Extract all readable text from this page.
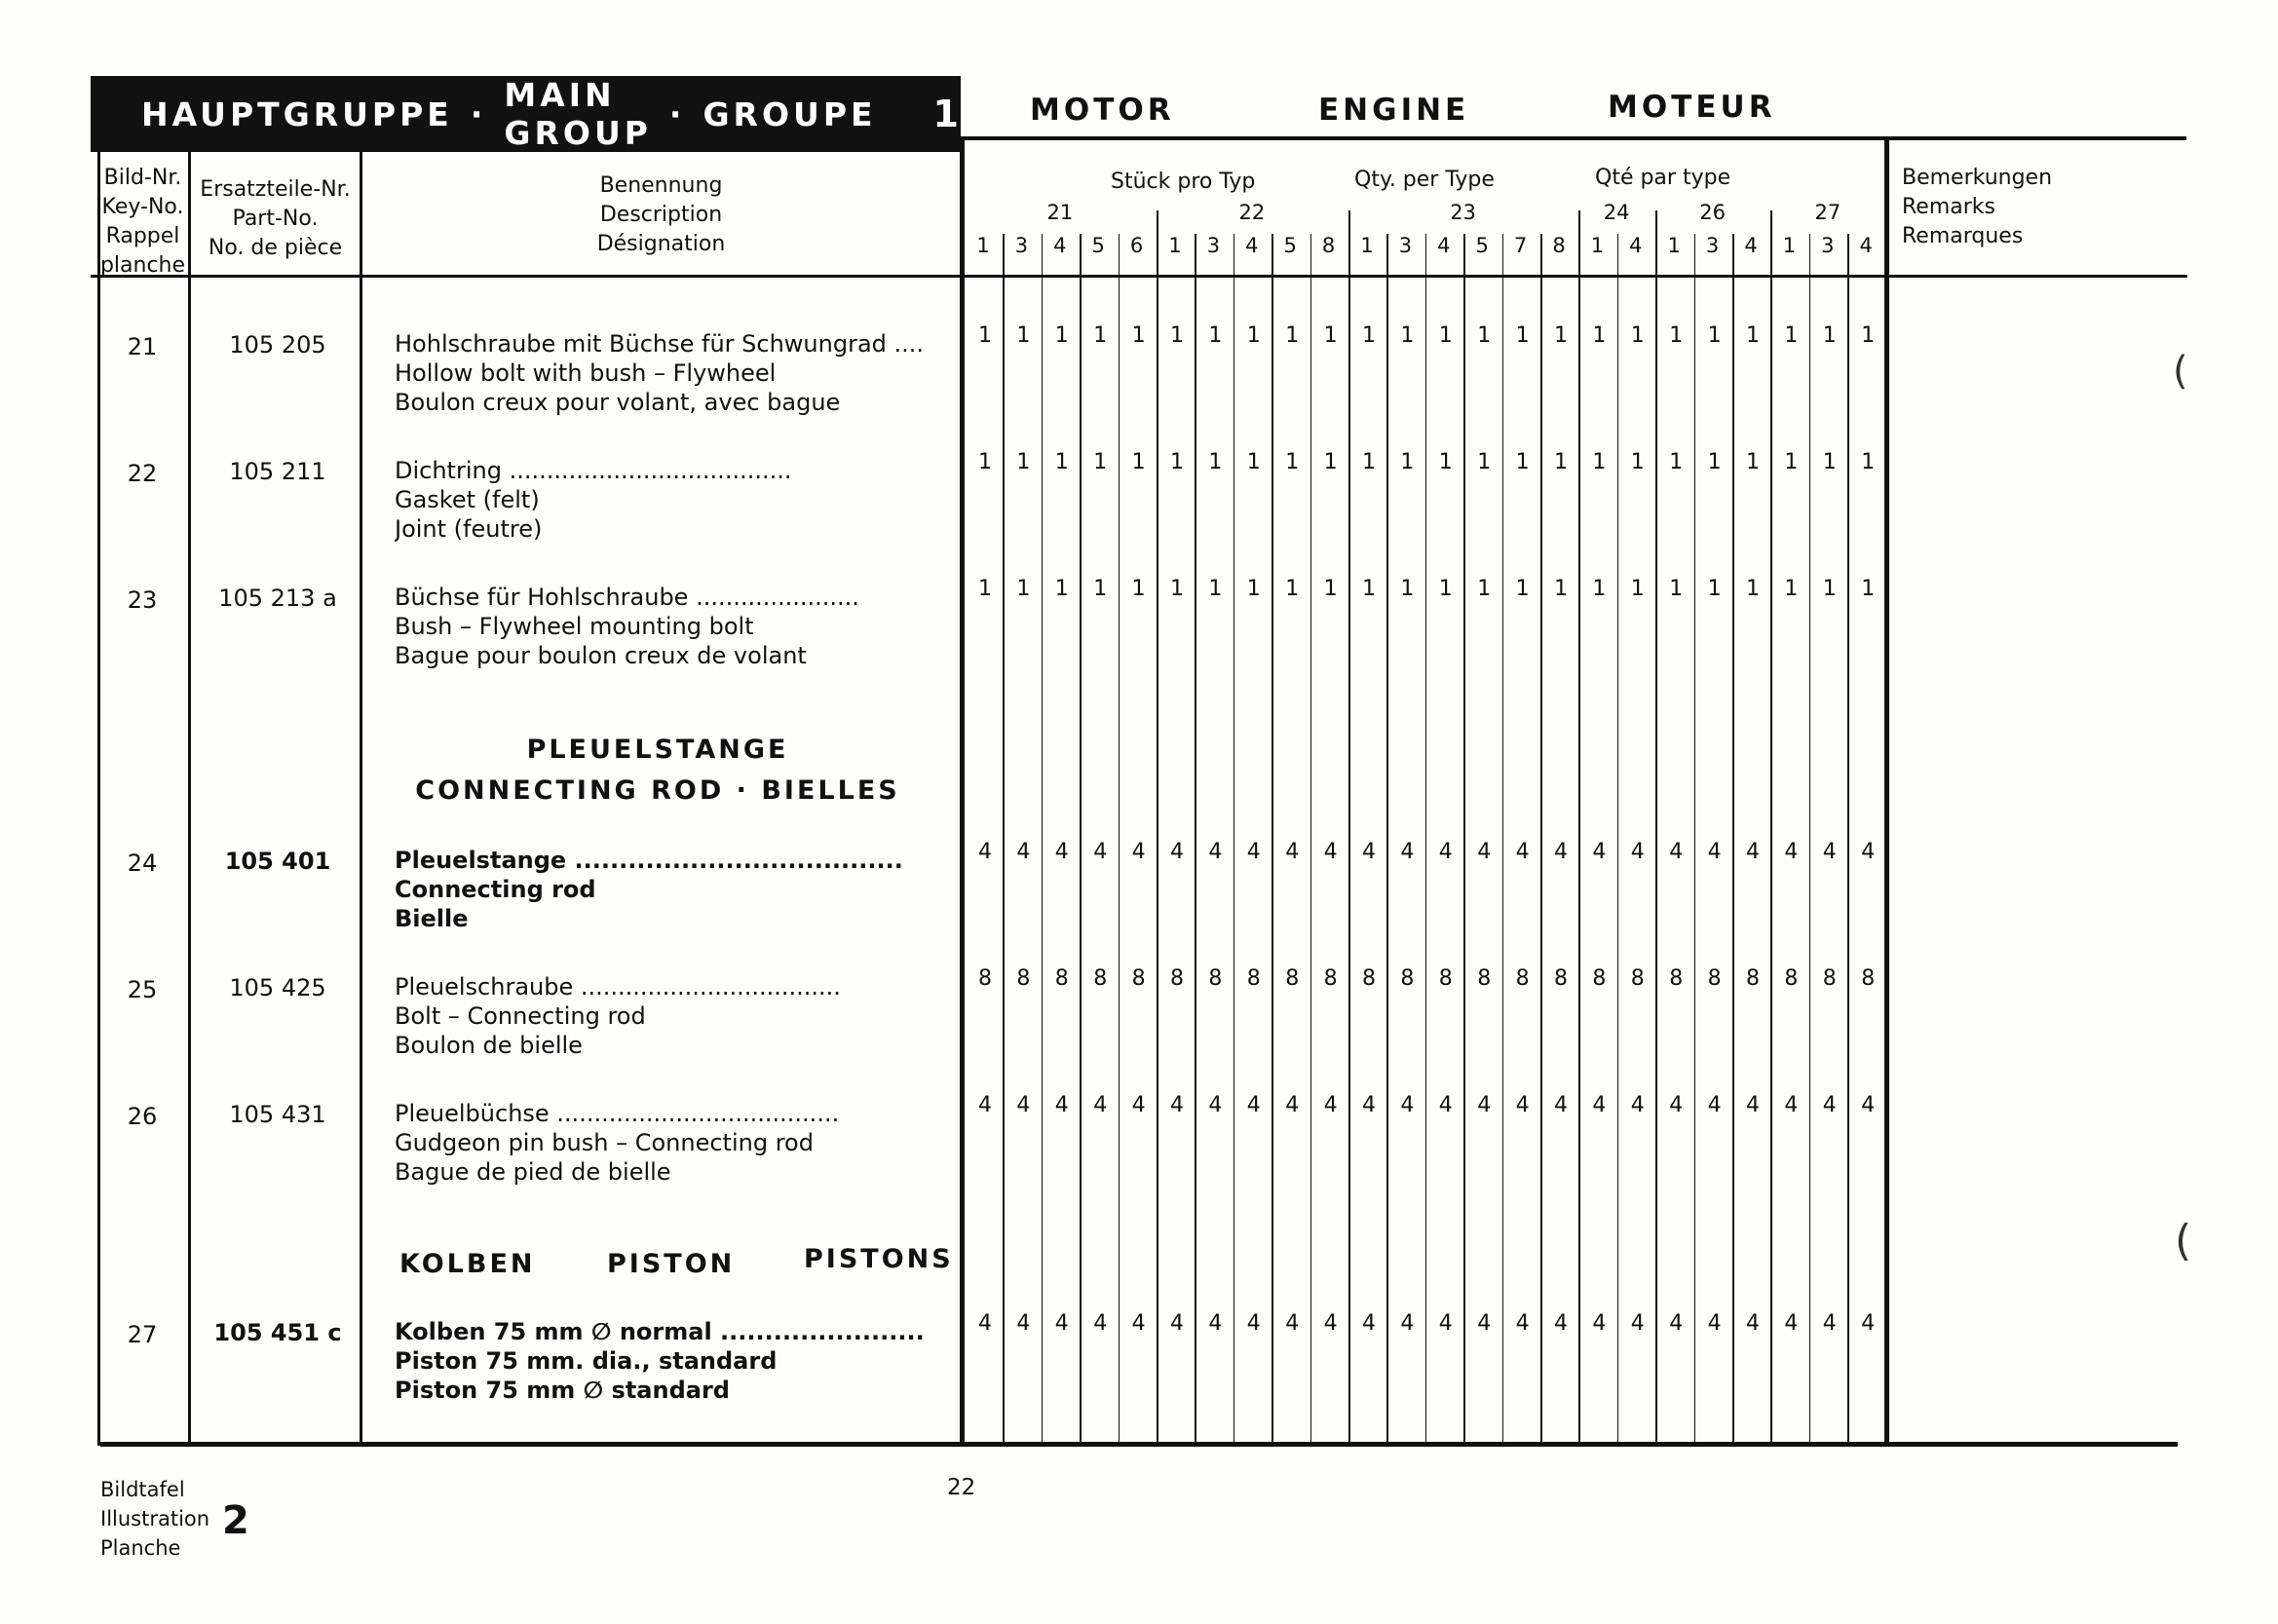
HAUPTGRUPPE · MAIN GROUP · GROUPE 1 MOTOR	ENGINE	MOTEUR
Bild-Nr.
Key-No.
Rappel
planche
Ersatzteile-Nr.
Part-No.
No. de pièce
Benennung
Description
Désignation
Stück pro Typ	Qty. per Type	Qté par type	Bemerkungen
Remarks
Remarques
21	22	23	24	26	27
1	3	4	5	6	1	3	4	5	8	1	3	4	5	7	8	1	4	1	3	4	1	3	4
PLEUELSTANGE
CONNECTING ROD · BIELLES
KOLBEN	PISTON	PISTONS
21	105 205	Hohlschraube mit Büchse für Schwungrad ....
Hollow bolt with bush – Flywheel
Boulon creux pour volant, avec bague
1	1	1	1	1	1	1	1	1	1	1	1	1	1	1	1	1	1	1	1	1	1	1	1
22	105 211	Dichtring ......................................
Gasket (felt)
Joint (feutre)
1	1	1	1	1	1	1	1	1	1	1	1	1	1	1	1	1	1	1	1	1	1	1	1
23	105 213 a	Büchse für Hohlschraube ......................
Bush – Flywheel mounting bolt
Bague pour boulon creux de volant
1	1	1	1	1	1	1	1	1	1	1	1	1	1	1	1	1	1	1	1	1	1	1	1
24	105 401	Pleuelstange .....................................
Connecting rod
Bielle
4	4	4	4	4	4	4	4	4	4	4	4	4	4	4	4	4	4	4	4	4	4	4	4
25	105 425	Pleuelschraube ...................................
Bolt – Connecting rod
Boulon de bielle
8	8	8	8	8	8	8	8	8	8	8	8	8	8	8	8	8	8	8	8	8	8	8	8
26	105 431	Pleuelbüchse ......................................
Gudgeon pin bush – Connecting rod
Bague de pied de bielle
4	4	4	4	4	4	4	4	4	4	4	4	4	4	4	4	4	4	4	4	4	4	4	4
27	105 451 c	Kolben 75 mm ∅ normal .......................
Piston 75 mm. dia., standard
Piston 75 mm ∅ standard
4	4	4	4	4	4	4	4	4	4	4	4	4	4	4	4	4	4	4	4	4	4	4	4
(
(
Bildtafel
Illustration
Planche
2
22
